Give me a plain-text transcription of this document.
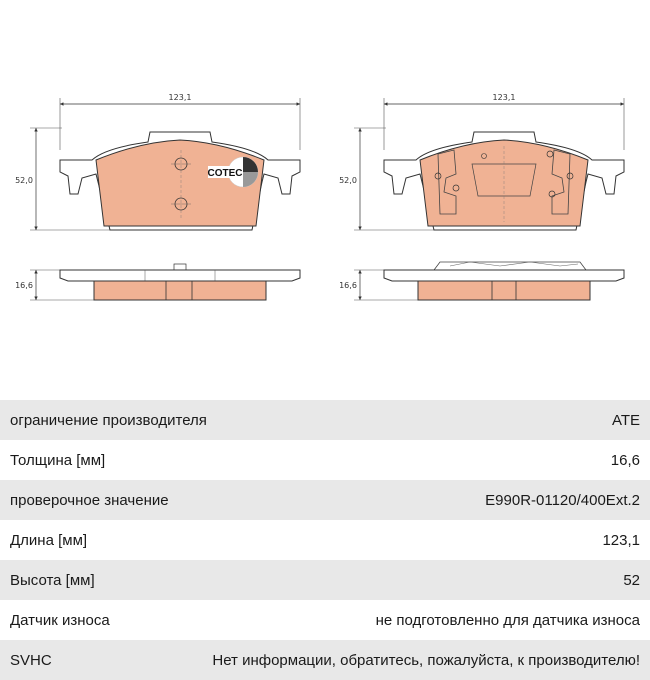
123,1
52,0
COTEC
16,6
123,1
52,0
16,6
ограничение производителя	ATE
Толщина [мм]	16,6
проверочное значение	E990R-01120/400Ext.2
Длина [мм]	123,1
Высота [мм]	52
Датчик износа	не подготовленно для датчика износа
SVHC	Нет информации, обратитесь, пожалуйста, к производителю!
